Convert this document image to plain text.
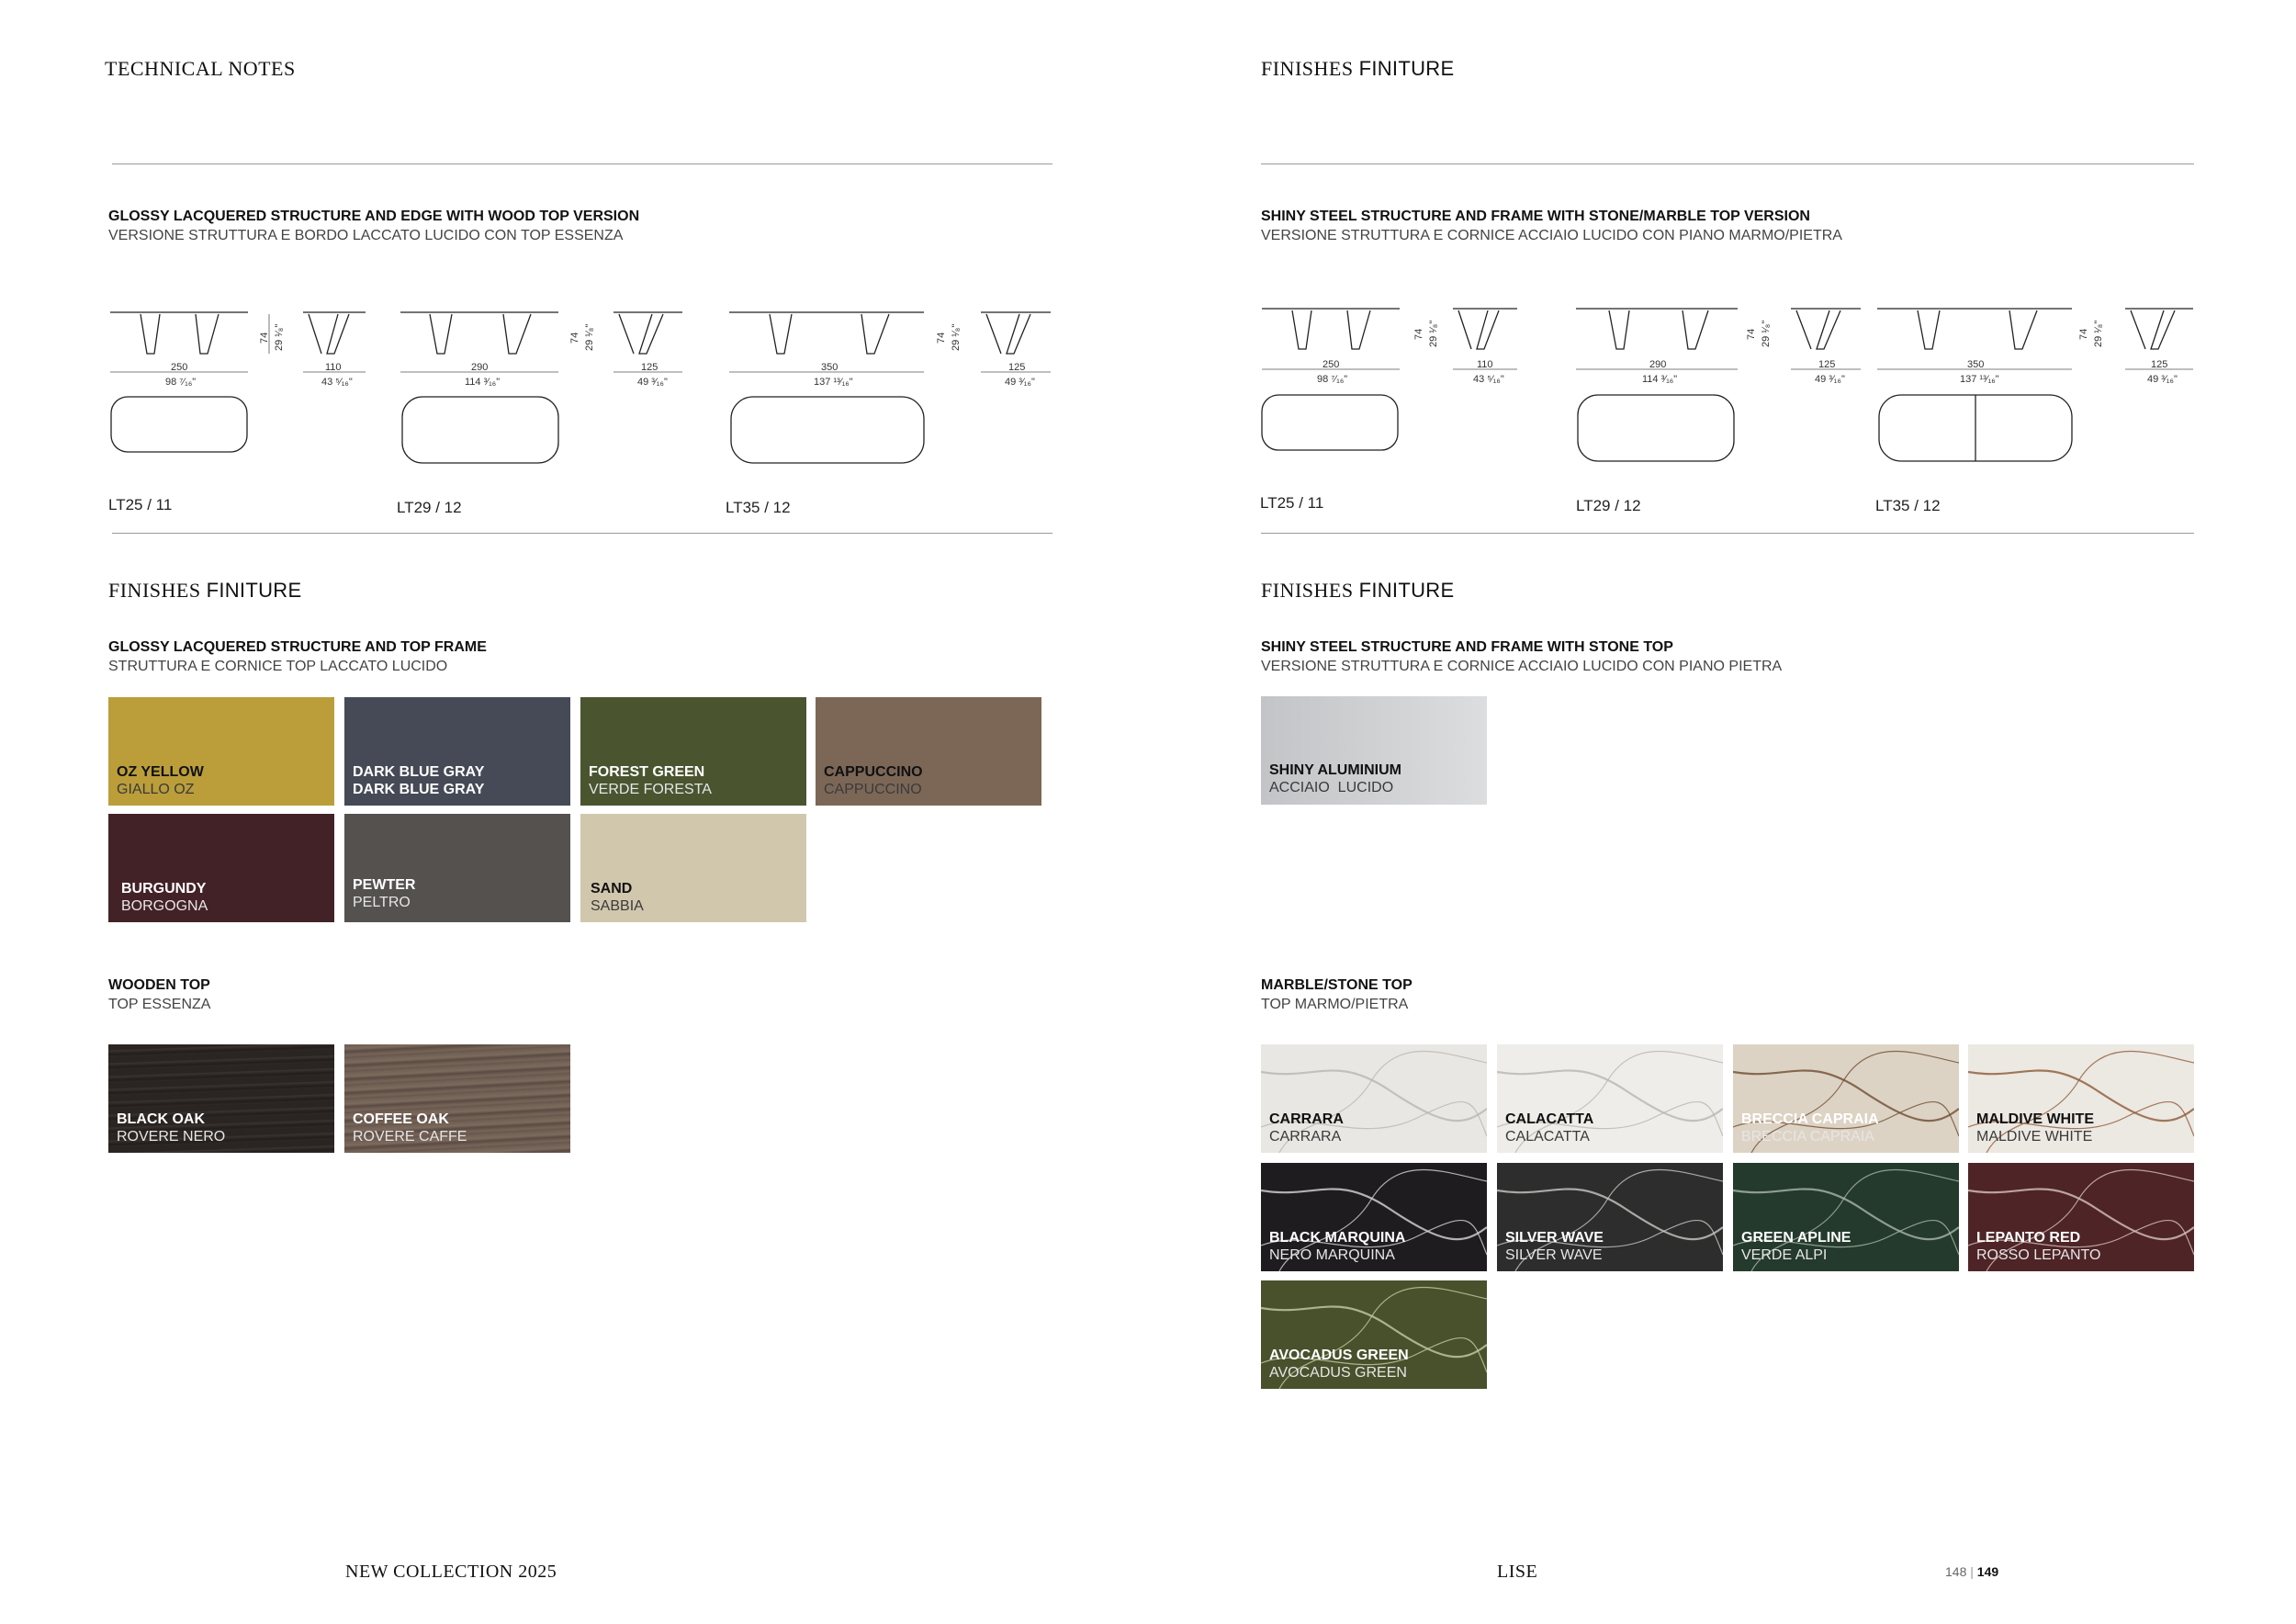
TECHNICAL NOTES
GLOSSY LACQUERED STRUCTURE AND EDGE WITH WOOD TOP VERSION
VERSIONE STRUTTURA E BORDO LACCATO LUCIDO CON TOP ESSENZA
250
98 ⁷⁄₁₆"
74 29 ¹⁄₈"
110
43 ⁵⁄₁₆"
290
114 ³⁄₁₆"
74 29 ¹⁄₈"
125
49 ³⁄₁₆"
350
137 ¹³⁄₁₆"
74 29 ¹⁄₈"
125
49 ³⁄₁₆"
LT25 / 11	LT29 / 12	LT35 / 12
FINISHES FINITURE
GLOSSY LACQUERED STRUCTURE AND TOP FRAME
STRUTTURA E CORNICE TOP LACCATO LUCIDO
OZ YELLOW
GIALLO OZ
DARK BLUE GRAY
DARK BLUE GRAY
FOREST GREEN
VERDE FORESTA
CAPPUCCINO
CAPPUCCINO
BURGUNDY
BORGOGNA
PEWTER
PELTRO
SAND
SABBIA
WOODEN TOP
TOP ESSENZA
BLACK OAK
ROVERE NERO
COFFEE OAK
ROVERE CAFFE
NEW COLLECTION 2025
FINISHES FINITURE
SHINY STEEL STRUCTURE AND FRAME WITH STONE/MARBLE TOP VERSION
VERSIONE STRUTTURA E CORNICE ACCIAIO LUCIDO CON PIANO MARMO/PIETRA
250
98 ⁷⁄₁₆"
74 29 ¹⁄₈"
110
43 ⁵⁄₁₆"
290
114 ³⁄₁₆"
74 29 ¹⁄₈"
125
49 ³⁄₁₆"
350
137 ¹³⁄₁₆"
74 29 ¹⁄₈"
125
49 ³⁄₁₆"
LT25 / 11	LT29 / 12	LT35 / 12
FINISHES FINITURE
SHINY STEEL STRUCTURE AND FRAME WITH STONE TOP
VERSIONE STRUTTURA E CORNICE ACCIAIO LUCIDO CON PIANO PIETRA
SHINY ALUMINIUM
ACCIAIO  LUCIDO
MARBLE/STONE TOP
TOP MARMO/PIETRA
CARRARA
CARRARA
CALACATTA
CALACATTA
BRECCIA CAPRAIA
BRECCIA CAPRAIA
MALDIVE WHITE
MALDIVE WHITE
BLACK MARQUINA
NERO MARQUINA
SILVER WAVE
SILVER WAVE
GREEN APLINE
VERDE ALPI
LEPANTO RED
ROSSO LEPANTO
AVOCADUS GREEN
AVOCADUS GREEN
LISE	148 | 149
